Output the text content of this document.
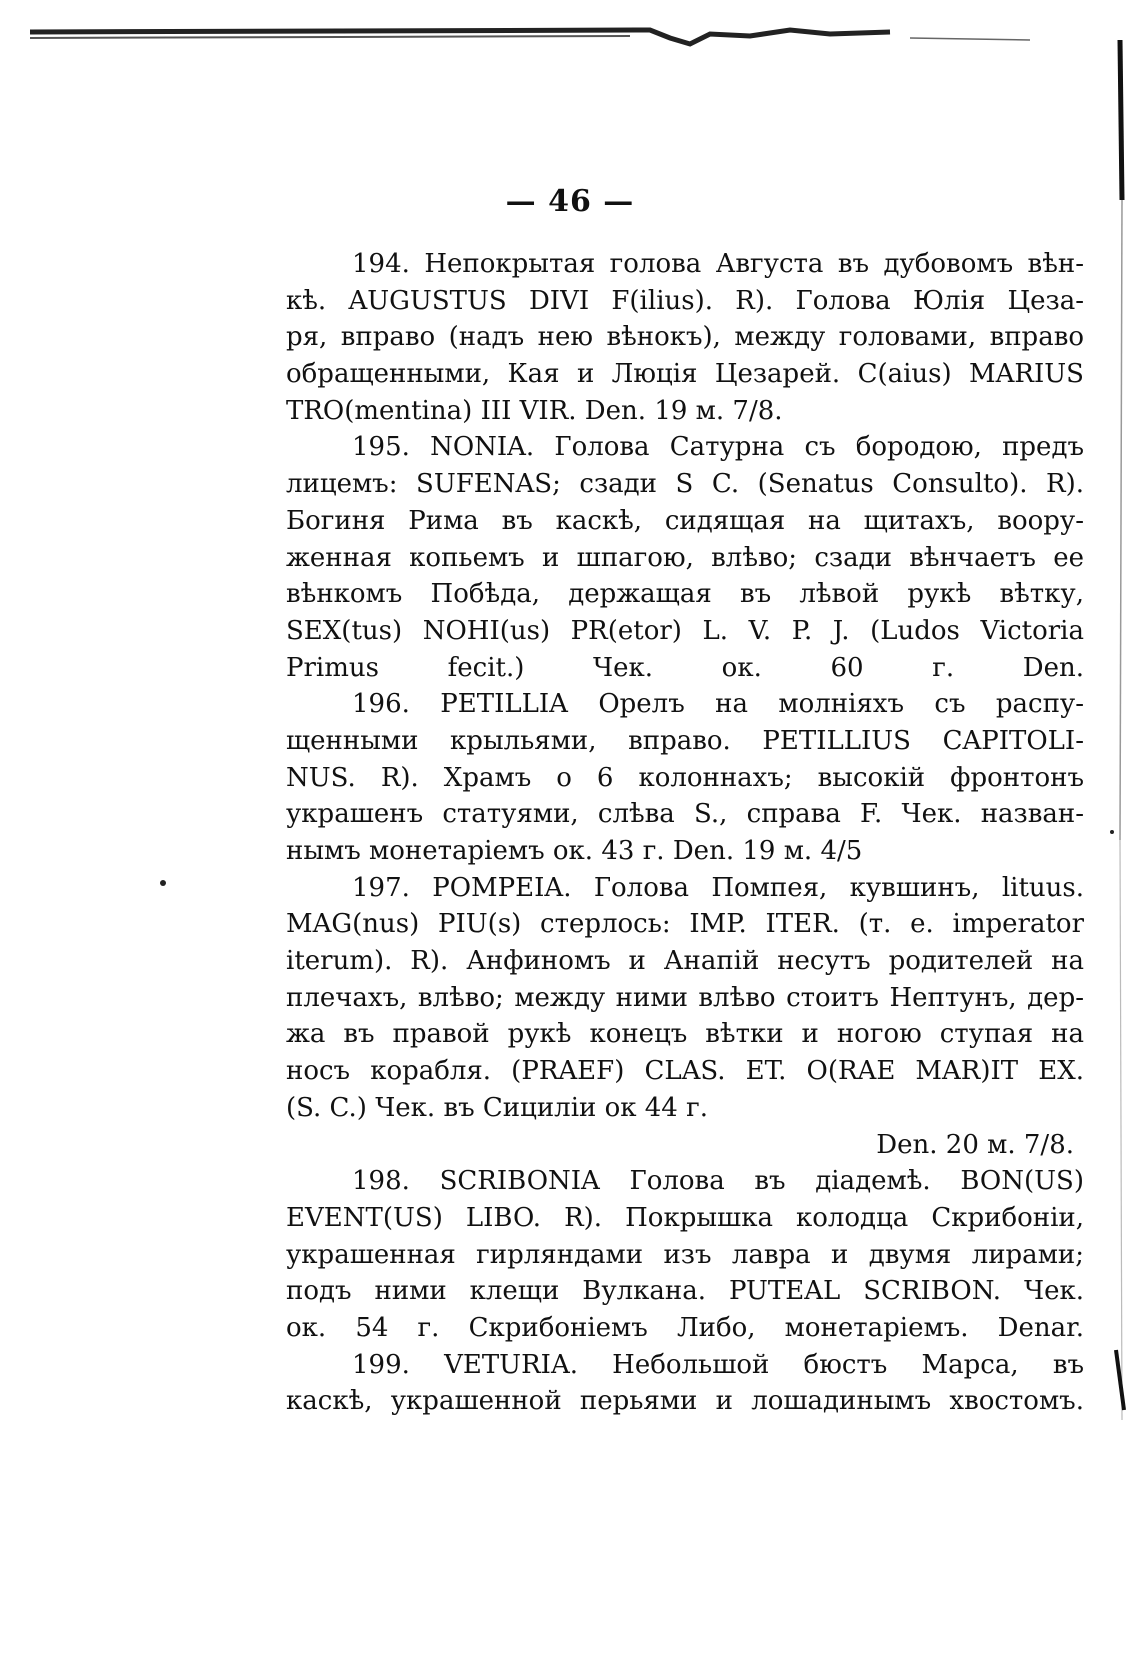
— 46 —
194. Непокрытая голова Августа въ дубовомъ вѣн-
кѣ. AUGUSTUS DIVI F(ilius). R). Голова Юлія Цеза-
ря, вправо (надъ нею вѣнокъ), между головами, вправо
обращенными, Кая и Люція Цезарей. C(aius) MARIUS
TRO(mentina) III VIR. Den. 19 м. 7/8.
195. NONIA. Голова Сатурна съ бородою, предъ
лицемъ: SUFENAS; сзади S C. (Senatus Consulto). R).
Богиня Рима въ каскѣ, сидящая на щитахъ, воору-
женная копьемъ и шпагою, влѣво; сзади вѣнчаетъ ее
вѣнкомъ Побѣда, держащая въ лѣвой рукѣ вѣтку,
SEX(tus) NOHI(us) PR(etor) L. V. P. J. (Ludos Victoria
Primus fecit.) Чек. ок. 60 г. Den.
196. PETILLIA Орелъ на молніяхъ съ распу-
щенными крыльями, вправо. PETILLIUS CAPITOLI-
NUS. R). Храмъ о 6 колоннахъ; высокій фронтонъ
украшенъ статуями, слѣва S., справа F. Чек. назван-
нымъ монетаріемъ ок. 43 г. Den. 19 м. 4/5
197. POMPEIA. Голова Помпея, кувшинъ, lituus.
MAG(nus) PIU(s) стерлось: IMP. ITER. (т. е. imperator
iterum). R). Анфиномъ и Анапій несутъ родителей на
плечахъ, влѣво; между ними влѣво стоитъ Нептунъ, дер-
жа въ правой рукѣ конецъ вѣтки и ногою ступая на
носъ корабля. (PRAEF) CLAS. ET. O(RAE MAR)IT EX.
(S. C.) Чек. въ Сициліи ок 44 г.
Den. 20 м. 7/8.
198. SCRIBONIA Голова въ діадемѣ. BON(US)
EVENT(US) LIBO. R). Покрышка колодца Скрибоніи,
украшенная гирляндами изъ лавра и двумя лирами;
подъ ними клещи Вулкана. PUTEAL SCRIBON. Чек.
ок. 54 г. Скрибоніемъ Либо, монетаріемъ. Denar.
199. VETURIA. Небольшой бюстъ Марса, въ
каскѣ, украшенной перьями и лошадинымъ хвостомъ.
